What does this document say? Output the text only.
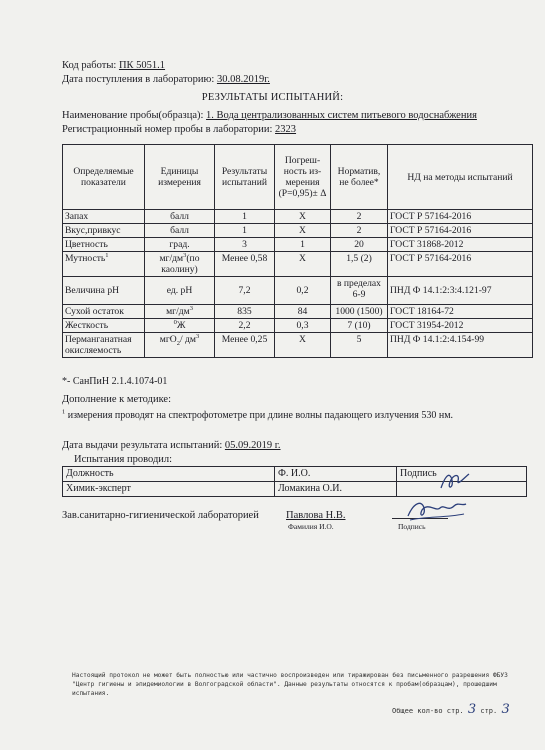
Код работы: ПК 5051.1
Дата поступления в лабораторию: 30.08.2019г.
РЕЗУЛЬТАТЫ ИСПЫТАНИЙ:
Наименование пробы(образца): 1. Вода централизованных систем питьевого водоснабжения
Регистрационный номер пробы в лаборатории: 2323
Определяемые показатели	Единицы измерения	Результаты испытаний	Погреш-ность из-мерения (P=0,95)± Δ	Норматив, не более*	НД на методы испытаний
Запах	балл	1	X	2	ГОСТ Р 57164-2016
Вкус,привкус	балл	1	X	2	ГОСТ Р 57164-2016
Цветность	град.	3	1	20	ГОСТ 31868-2012
Мутность$^1$	$мг/дм^3(по$ каолину)	Менее 0,58	X	1,5 (2)	ГОСТ Р 57164-2016
Величина pH	ед. pH	7,2	0,2	в пределах 6-9	ПНД Ф 14.1:2:3:4.121-97
Сухой остаток	$мг/дм^3$	835	84	1000 (1500)	ГОСТ 18164-72
Жесткость	$^0$Ж	2,2	0,3	7 (10)	ГОСТ 31954-2012
Перманганатная окисляемость	мгО$_2$/ $дм^3$	Менее 0,25	X	5	ПНД Ф 14.1:2:4.154-99
*- СанПиН 2.1.4.1074-01
Дополнение к методике:
$^1$ измерения проводят на спектрофотометре при длине волны падающего излучения 530 нм.
Дата выдачи результата испытаний: 05.09.2019 г.
Испытания проводил:
Должность	Ф. И.О.	Подпись
Химик-эксперт	Ломакина О.И.	
Зав.санитарно-гигиенической лабораторией	Павлова Н.В.
Фамилия И.О.	Подпись
Настоящий протокол не может быть полностью или частично воспроизведен или тиражирован без письменного разрешения ФБУЗ "Центр гигиены и эпидемиологии в Волгоградской области". Данные результаты относятся к пробам(образцам), прошедшим испытания.
Общее кол-во стр. 3 стр. 3
